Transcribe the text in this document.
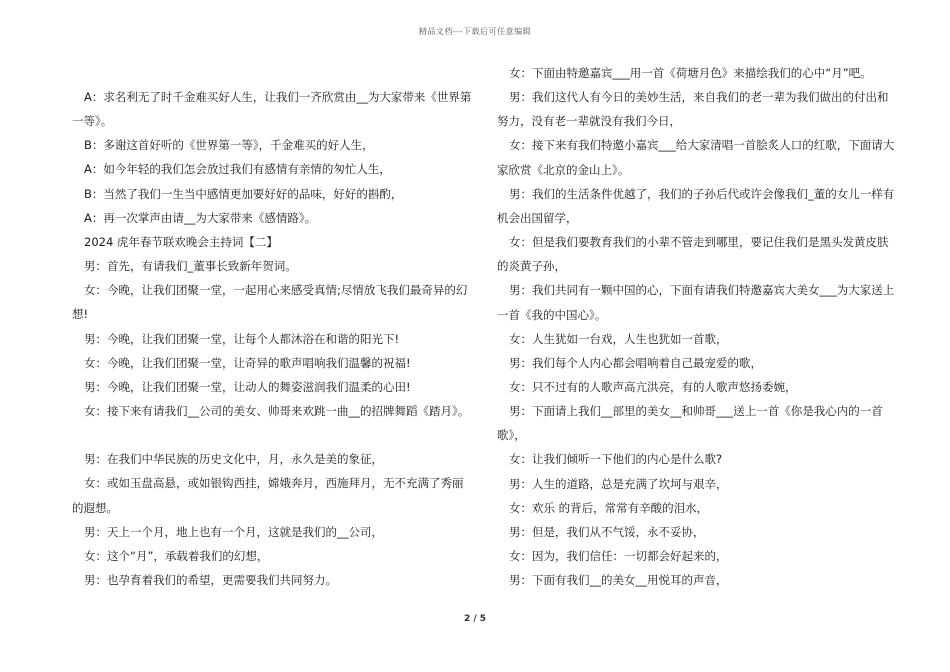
精品文档---下载后可任意编辑
A：求名利无了时千金难买好人生，让我们一齐欣赏由__为大家带来《世界第
一等》。
B：多谢这首好听的《世界第一等》，千金难买的好人生，
A：如今年轻的我们怎会放过我们有感情有亲情的匆忙人生，
B：当然了我们一生当中感情更加要好好的品味，好好的斟酌，
A：再一次掌声由请__为大家带来《感情路》。
2024 虎年春节联欢晚会主持词【二】
男：首先，有请我们_董事长致新年贺词。
女：今晚，让我们团聚一堂，一起用心来感受真情;尽情放飞我们最奇异的幻
想!
男：今晚，让我们团聚一堂，让每个人都沐浴在和谐的阳光下!
女：今晚，让我们团聚一堂，让奇异的歌声唱响我们温馨的祝福!
男：今晚，让我们团聚一堂，让动人的舞姿滋润我们温柔的心田!
女：接下来有请我们__公司的美女、帅哥来欢跳一曲__的招牌舞蹈《踏月》。
男：在我们中华民族的历史文化中，月，永久是美的象征，
女：或如玉盘高悬，或如银钩西挂，嫦娥奔月，西施拜月，无不充满了秀丽
的遐想。
男：天上一个月，地上也有一个月，这就是我们的__公司，
女：这个“月”，承载着我们的幻想，
男：也孕育着我们的希望，更需要我们共同努力。
女：下面由特邀嘉宾___用一首《荷塘月色》来描绘我们的心中“月”吧。
男：我们这代人有今日的美妙生活，来自我们的老一辈为我们做出的付出和
努力，没有老一辈就没有我们今日，
女：接下来有我们特邀小嘉宾___给大家清唱一首脍炙人口的红歌，下面请大
家欣赏《北京的金山上》。
男：我们的生活条件优越了，我们的子孙后代或许会像我们_董的女儿一样有
机会出国留学，
女：但是我们要教育我们的小辈不管走到哪里，要记住我们是黑头发黄皮肤
的炎黄子孙，
男：我们共同有一颗中国的心，下面有请我们特邀嘉宾大美女___为大家送上
一首《我的中国心》。
女：人生犹如一台戏，人生也犹如一首歌，
男：我们每个人内心都会唱响着自己最宠爱的歌，
女：只不过有的人歌声高亢洪亮，有的人歌声悠扬委婉，
男：下面请上我们__部里的美女__和帅哥___送上一首《你是我心内的一首
歌》，
女：让我们倾听一下他们的内心是什么歌?
男：人生的道路，总是充满了坎坷与艰辛，
女：欢乐 的背后，常常有辛酸的泪水，
男：但是，我们从不气馁，永不妥协，
女：因为，我们信任：一切都会好起来的，
男：下面有我们__的美女__用悦耳的声音，
2 / 5
